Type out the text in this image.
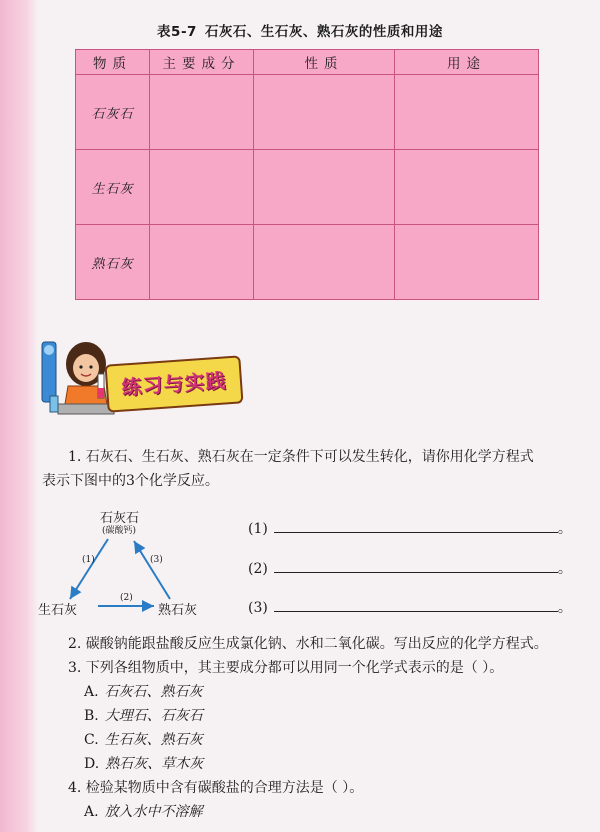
表5-7 石灰石、生石灰、熟石灰的性质和用途
物质	主要成分	性质	用途
石灰石			
生石灰			
熟石灰			
练习与实践
1. 石灰石、生石灰、熟石灰在一定条件下可以发生转化，请你用化学方程式
表示下图中的3个化学反应。
石灰石
(碳酸钙)
生石灰	熟石灰
(1)
(2)
(3)
(1)	。
(2)	。
(3)	。
2. 碳酸钠能跟盐酸反应生成氯化钠、水和二氧化碳。写出反应的化学方程式。
3. 下列各组物质中，其主要成分都可以用同一个化学式表示的是（ ）。
A. 石灰石、熟石灰
B. 大理石、石灰石
C. 生石灰、熟石灰
D. 熟石灰、草木灰
4. 检验某物质中含有碳酸盐的合理方法是（ ）。
A. 放入水中不溶解
